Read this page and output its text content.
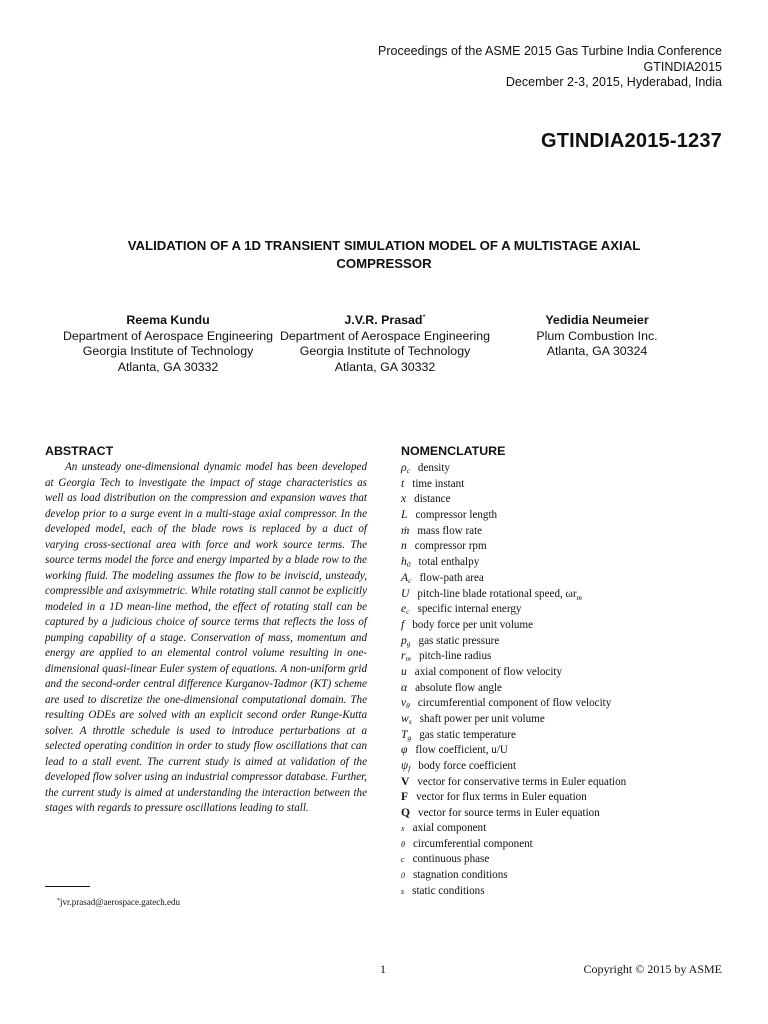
Proceedings of the ASME 2015 Gas Turbine India Conference
GTINDIA2015
December 2-3, 2015, Hyderabad, India
GTINDIA2015-1237
VALIDATION OF A 1D TRANSIENT SIMULATION MODEL OF A MULTISTAGE AXIAL
COMPRESSOR
Reema Kundu
Department of Aerospace Engineering
Georgia Institute of Technology
Atlanta, GA 30332
J.V.R. Prasad*
Department of Aerospace Engineering
Georgia Institute of Technology
Atlanta, GA 30332
Yedidia Neumeier
Plum Combustion Inc.
Atlanta, GA 30324
ABSTRACT

An unsteady one-dimensional dynamic model has been developed at Georgia Tech to investigate the impact of stage characteristics as well as load distribution on the compression and expansion waves that develop prior to a surge event in a multi-stage axial compressor. In the developed model, each of the blade rows is replaced by a duct of varying cross-sectional area with force and work source terms. The source terms model the force and energy imparted by a blade row to the working fluid. The modeling assumes the flow to be inviscid, unsteady, compressible and axisymmetric. While rotating stall cannot be explicitly modeled in a 1D mean-line method, the effect of rotating stall can be captured by a judicious choice of source terms that reflects the loss of pumping capability of a stage. Conservation of mass, momentum and energy are applied to an elemental control volume resulting in one-dimensional quasi-linear Euler system of equations. A non-uniform grid and the second-order central difference Kurganov-Tadmor (KT) scheme are used to discretize the one-dimensional computational domain. The resulting ODEs are solved with an explicit second order Runge-Kutta solver. A throttle schedule is used to introduce perturbations at a selected operating condition in order to study flow oscillations that can lead to a stall event. The current study is aimed at validation of the developed flow solver using an industrial compressor database. Further, the current study is aimed at understanding the interaction between the stages with regards to pressure oscillations leading to stall.

*jvr.prasad@aerospace.gatech.edu
NOMENCLATURE
$\rho_c$ density
t time instant
x distance
L compressor length
ṁ mass flow rate
n compressor rpm
$h_0$ total enthalpy
$A_c$ flow-path area
U pitch-line blade rotational speed, $\omega r_m$
$e_c$ specific internal energy
f body force per unit volume
$p_g$ gas static pressure
$r_m$ pitch-line radius
u axial component of flow velocity
α absolute flow angle
$v_\theta$ circumferential component of flow velocity
$w_s$ shaft power per unit volume
$T_g$ gas static temperature
φ flow coefficient, u/U
$\psi_f$ body force coefficient
V vector for conservative terms in Euler equation
F vector for flux terms in Euler equation
Q vector for source terms in Euler equation
x axial component
θ circumferential component
c continuous phase
0 stagnation conditions
s static conditions
1	Copyright © 2015 by ASME
